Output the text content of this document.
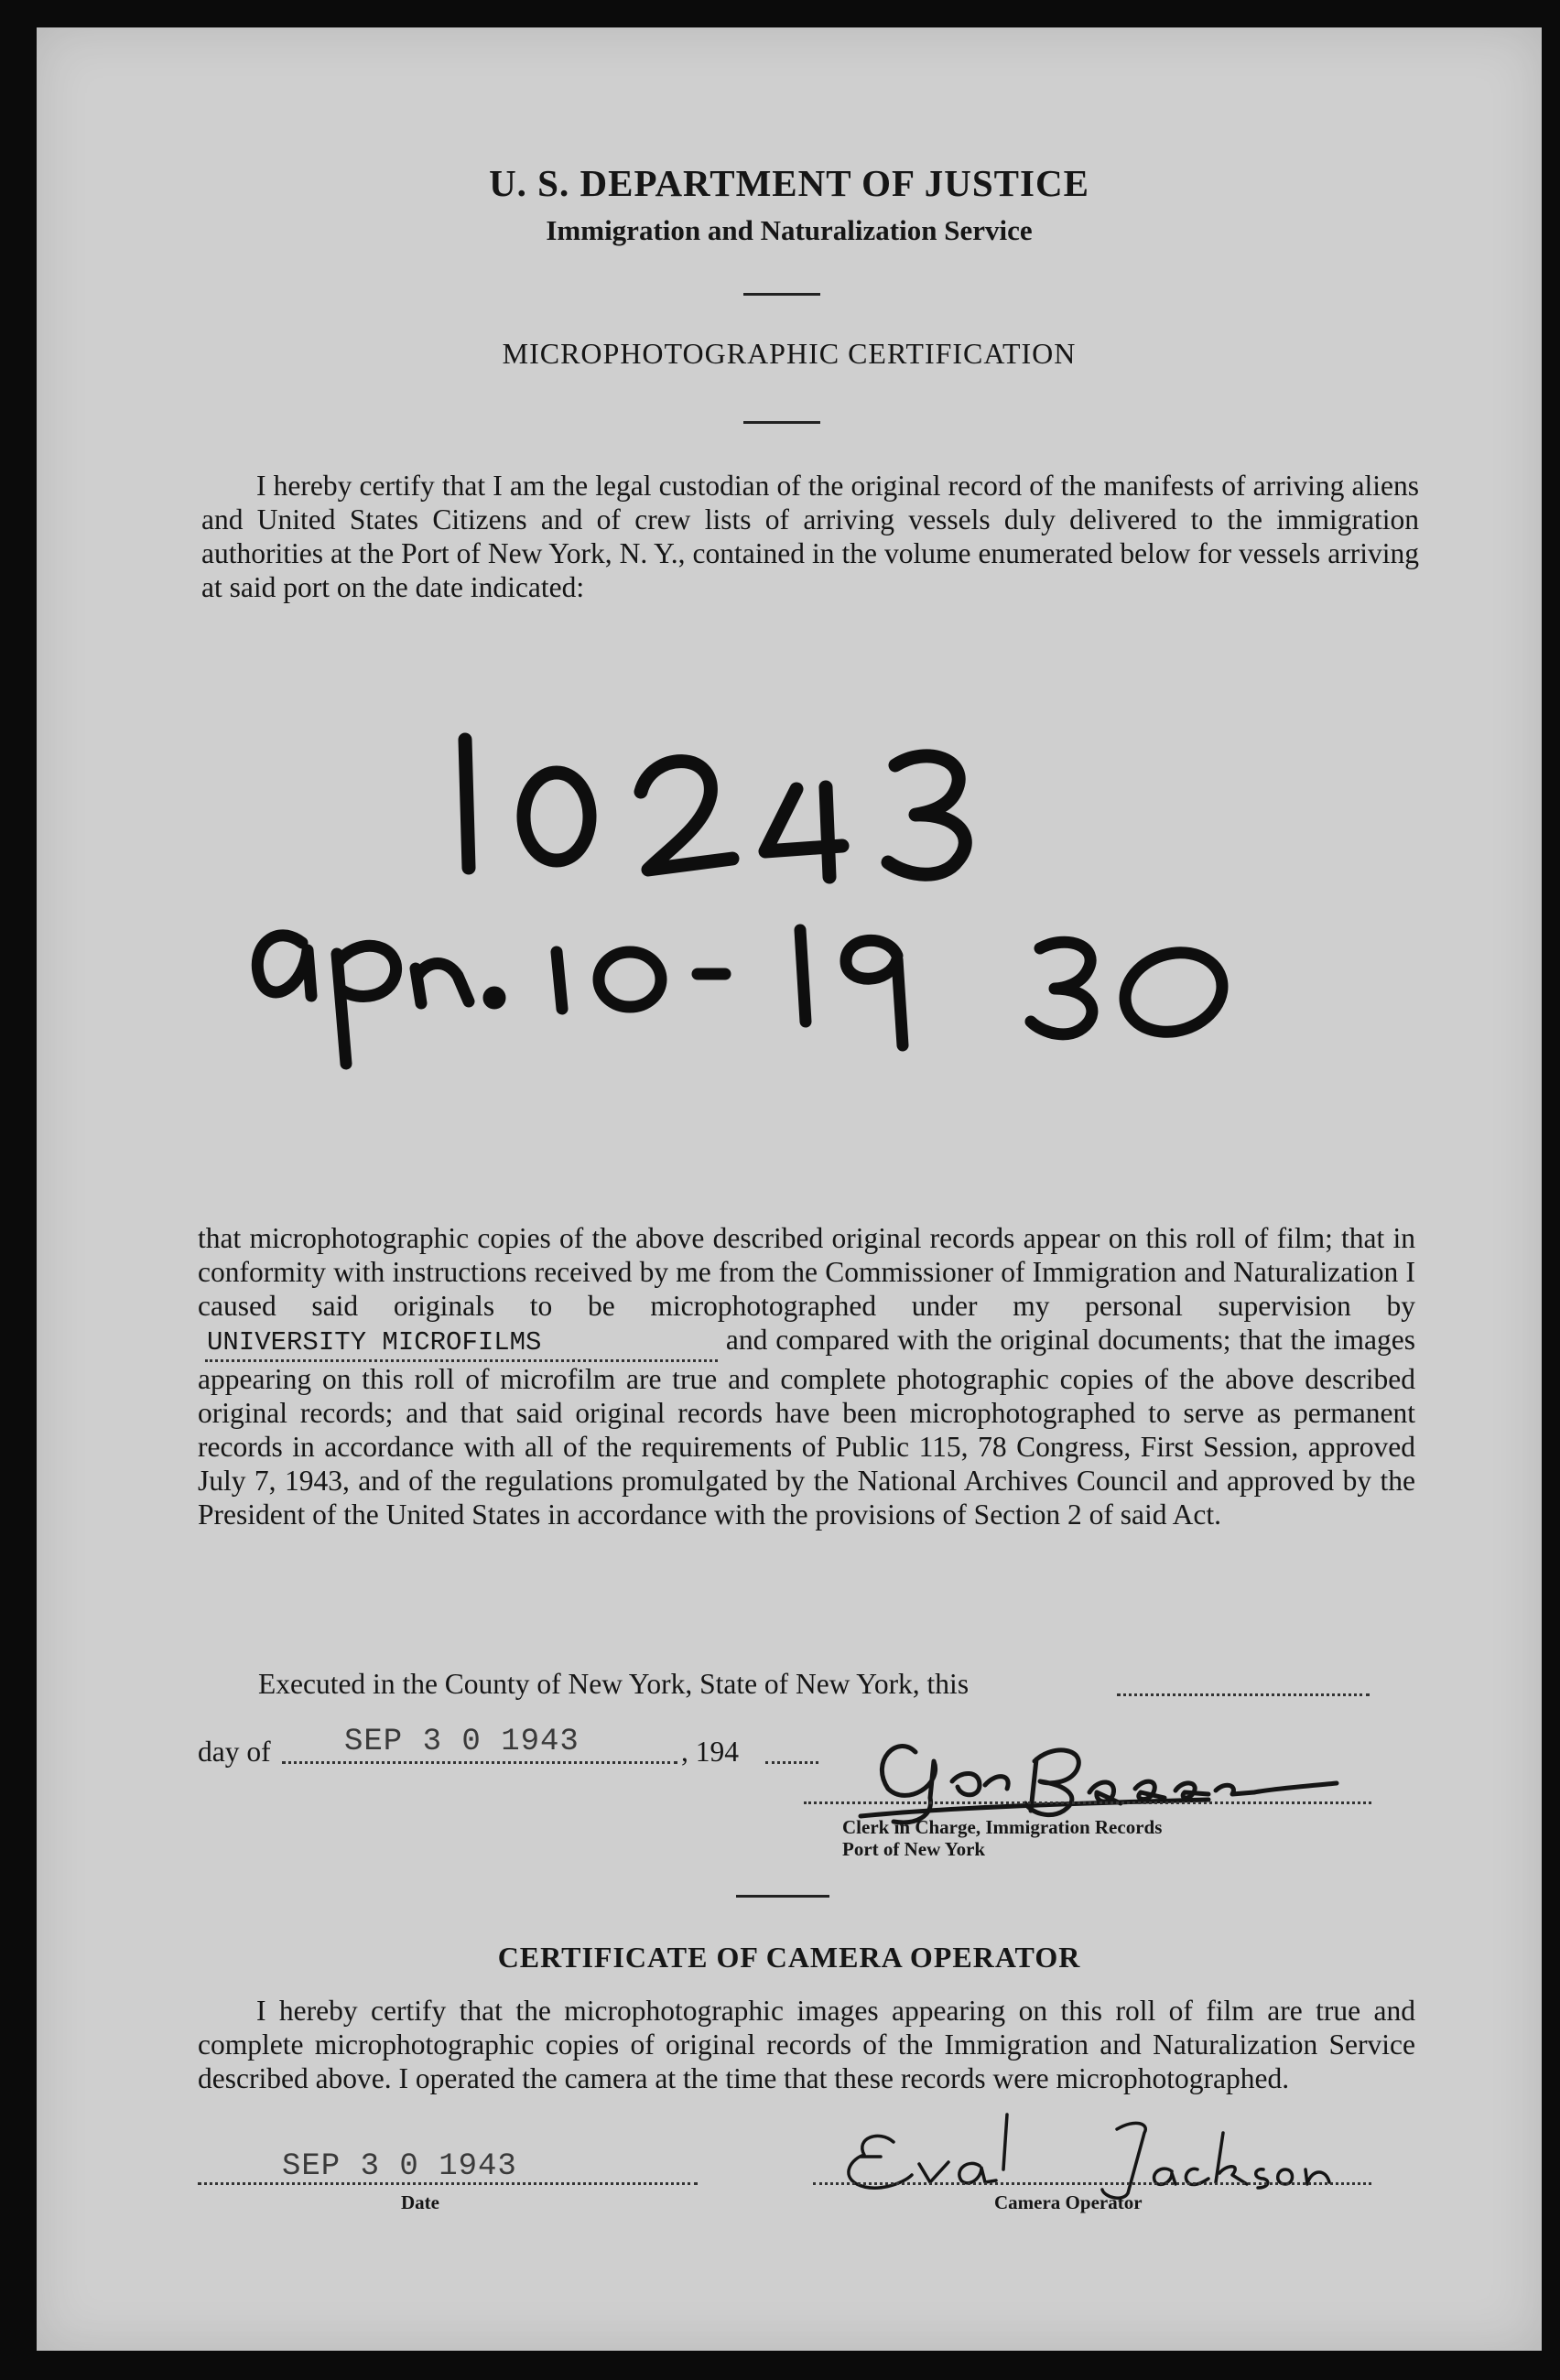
U. S. DEPARTMENT OF JUSTICE
Immigration and Naturalization Service
MICROPHOTOGRAPHIC CERTIFICATION

I hereby certify that I am the legal custodian of the original record of the manifests of arriving aliens and United States Citizens and of crew lists of arriving vessels duly delivered to the immigration authorities at the Port of New York, N. Y., contained in the volume enumerated below for vessels arriving at said port on the date indicated:

that microphotographic copies of the above described original records appear on this roll of film; that in conformity with instructions received by me from the Commissioner of Immigration and Naturalization I caused said originals to be microphotographed under my personal supervision byUNIVERSITY MICROFILMS	and compared with the original documents; that the images appearing on this roll of microfilm are true and complete photographic copies of the above described original records; and that said original records have been microphotographed to serve as permanent records in accordance with all of the requirements of Public 115, 78 Congress, First Session, approved July 7, 1943, and of the regulations promulgated by the National Archives Council and approved by the President of the United States in accordance with the provisions of Section 2 of said Act.
Executed in the County of New York, State of New York, this
day of SEP 3 0 1943	, 194
Clerk in Charge, Immigration Records
Port of New York
CERTIFICATE OF CAMERA OPERATOR

I hereby certify that the microphotographic images appearing on this roll of film are true and complete microphotographic copies of original records of the Immigration and Naturalization Service described above. I operated the camera at the time that these records were microphotographed.

SEP 3 0 1943
Date	Camera Operator
